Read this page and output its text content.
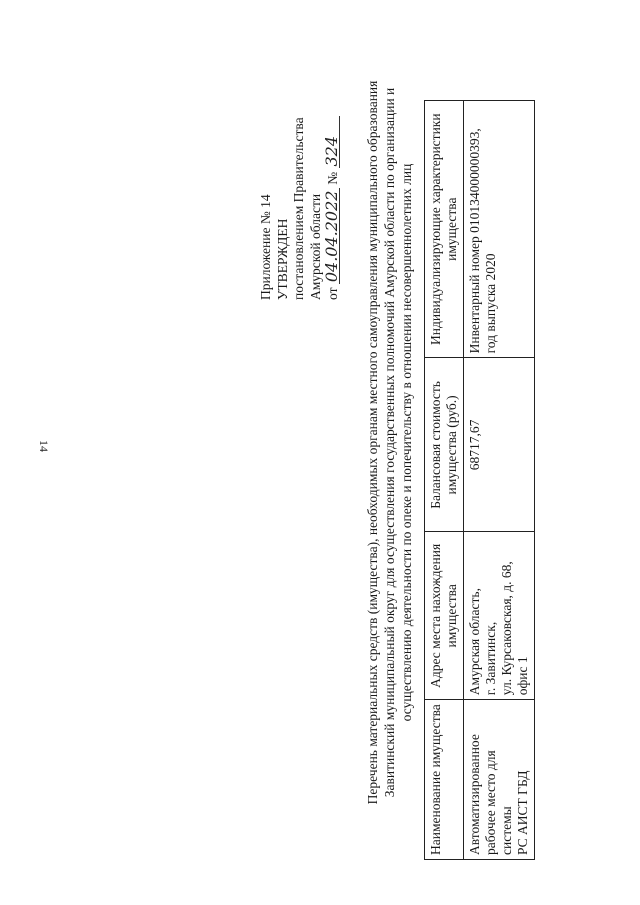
14
Приложение № 14 УТВЕРЖДЕН постановлением Правительства Амурской области от 04.04.2022 № 324 Перечень материальных средств (имущества), необходимых органам местного самоуправления муниципального образования Завитинский муниципальный округ для осуществления государственных полномочий Амурской области по организации и осуществлению деятельности по опеке и попечительству в отношении несовершеннолетних лиц
Наименование имущества	Адрес места нахождения имущества	Балансовая стоимость имущества (руб.)	Индивидуализирующие характеристики имущества

Автоматизированное рабочее место для системы РС АИСТ ГБД	Амурская область, г. Завитинск, ул. Курсаковская, д. 68, офис 1	68717,67	Инвентарный номер 010134000000393, год выпуска 2020
